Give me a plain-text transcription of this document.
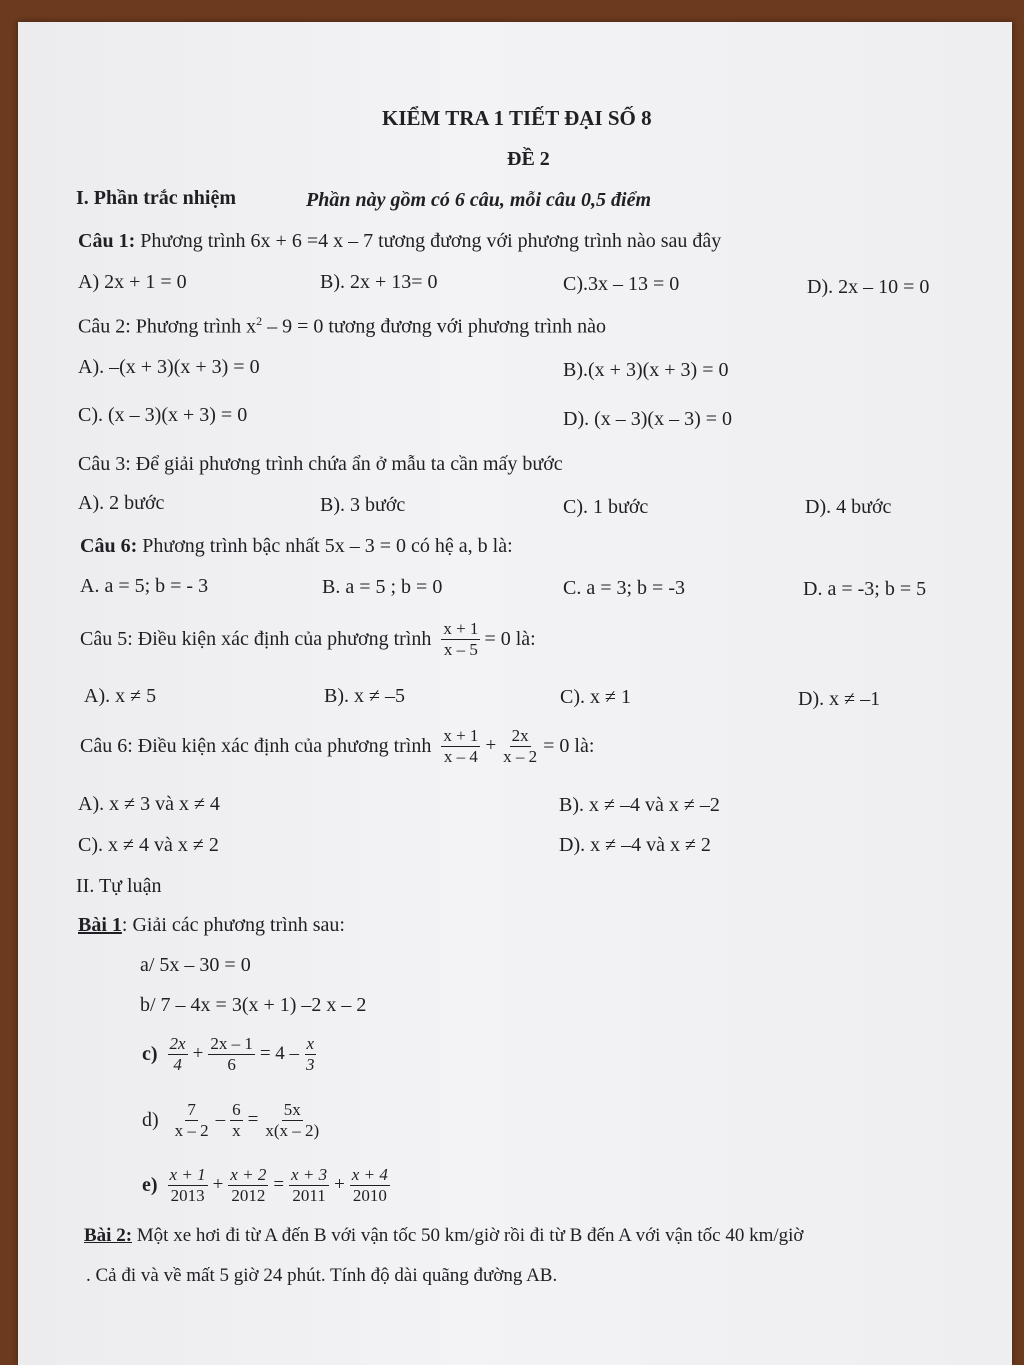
KIỂM TRA 1 TIẾT ĐẠI SỐ 8
ĐỀ 2
I. Phần trắc nhiệm	Phần này gồm có 6 câu, mỗi câu 0,5 điểm
Câu 1: Phương trình 6x + 6 =4 x – 7 tương đương với phương trình nào sau đây
A) 2x + 1 = 0	B). 2x + 13= 0	C).3x – 13 = 0	D). 2x – 10 = 0
Câu 2: Phương trình $x^2 - 9 = 0$ tương đương với phương trình nào
A). –(x + 3)(x + 3) = 0	B).(x + 3)(x + 3) = 0
C). (x – 3)(x + 3) = 0	D). (x – 3)(x – 3) = 0
Câu 3: Để giải phương trình chứa ẩn ở mẫu ta cần mấy bước
A). 2 bước	B). 3 bước	C). 1 bước	D). 4 bước
Câu 6: Phương trình bậc nhất 5x – 3 = 0 có hệ a, b là:
A. a = 5; b = - 3	B. a = 5 ; b = 0	C. a = 3; b = -3	D. a = -3; b = 5
Câu 5: Điều kiện xác định của phương trình $\frac{x + 1}{x - 5} = 0$ là:
A). x ≠ 5	B). x ≠ –5	C). x ≠ 1	D). x ≠ –1
Câu 6: Điều kiện xác định của phương trình $\frac{x + 1}{x - 4} + \frac{2x}{x - 2} = 0$ là:
A). x ≠ 3 và x ≠ 4	B). x ≠ –4 và x ≠ –2
C). x ≠ 4 và x ≠ 2	D). x ≠ –4 và x ≠ 2
II. Tự luận
Bài 1: Giải các phương trình sau:
a/ 5x – 30 = 0
b/ 7 – 4x = 3(x + 1) –2 x – 2
$c) \frac{2x}{4} + \frac{2x - 1}{6} = 4 - \frac{x}{3}$
$d) \frac{7}{x - 2} - \frac{6}{x} = \frac{5x}{x(x - 2)}$
$e) \frac{x + 1}{2013} + \frac{x + 2}{2012} = \frac{x + 3}{2011} + \frac{x + 4}{2010}$
Bài 2: Một xe hơi đi từ A đến B với vận tốc 50 km/giờ rồi đi từ B đến A với vận tốc 40 km/giờ
. Cả đi và về mất 5 giờ 24 phút. Tính độ dài quãng đường AB.
